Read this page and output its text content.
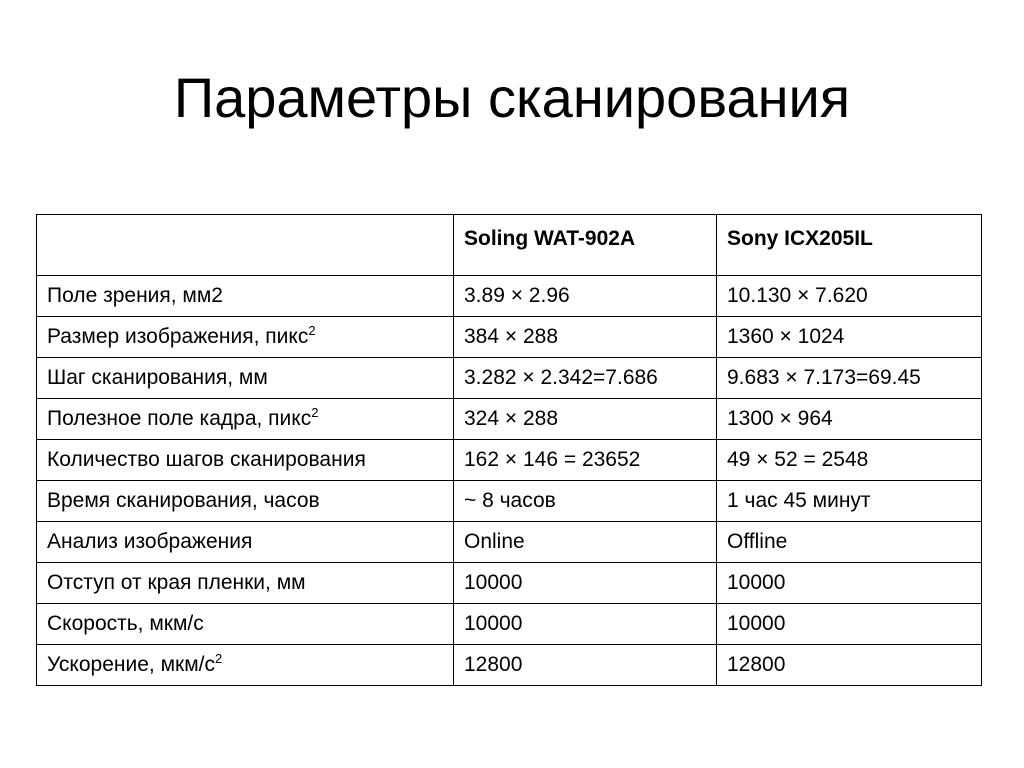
Параметры сканирования
	Soling WAT-902A	Sony ICX205IL
Поле зрения, мм2	3.89 × 2.96	10.130 × 7.620
Размер изображения, пикс$^2$	384 × 288	1360 × 1024
Шаг сканирования, мм	3.282 × 2.342=7.686	9.683 × 7.173=69.45
Полезное поле кадра, пикс$^2$	324 × 288	1300 × 964
Количество шагов сканирования	162 × 146 = 23652	49 × 52 = 2548
Время сканирования, часов	~ 8 часов	1 час 45 минут
Анализ изображения	Online	Offline
Отступ от края пленки, мм	10000	10000
Скорость, мкм/с	10000	10000
Ускорение, мкм/$с^2$	12800	12800
